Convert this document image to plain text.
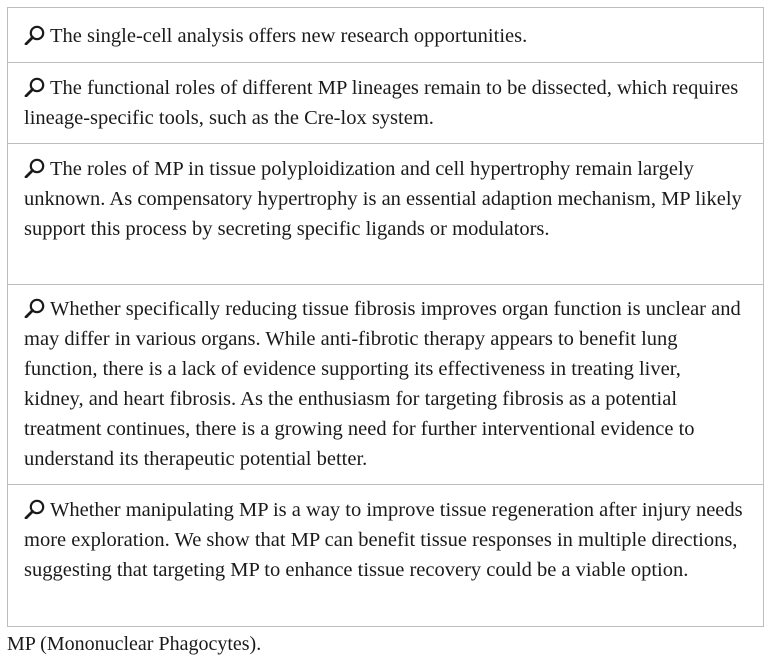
The single-cell analysis offers new research opportunities.
The functional roles of different MP lineages remain to be dissected, which requires lineage-specific tools, such as the Cre-lox system.
The roles of MP in tissue polyploidization and cell hypertrophy remain largely unknown. As compensatory hypertrophy is an essential adaption mechanism, MP likely support this process by secreting specific ligands or modulators.
Whether specifically reducing tissue fibrosis improves organ function is unclear and may differ in various organs. While anti-fibrotic therapy appears to benefit lung function, there is a lack of evidence supporting its effectiveness in treating liver, kidney, and heart fibrosis. As the enthusiasm for targeting fibrosis as a potential treatment continues, there is a growing need for further interventional evidence to understand its therapeutic potential better.
Whether manipulating MP is a way to improve tissue regeneration after injury needs more exploration. We show that MP can benefit tissue responses in multiple directions, suggesting that targeting MP to enhance tissue recovery could be a viable option.
MP (Mononuclear Phagocytes).
